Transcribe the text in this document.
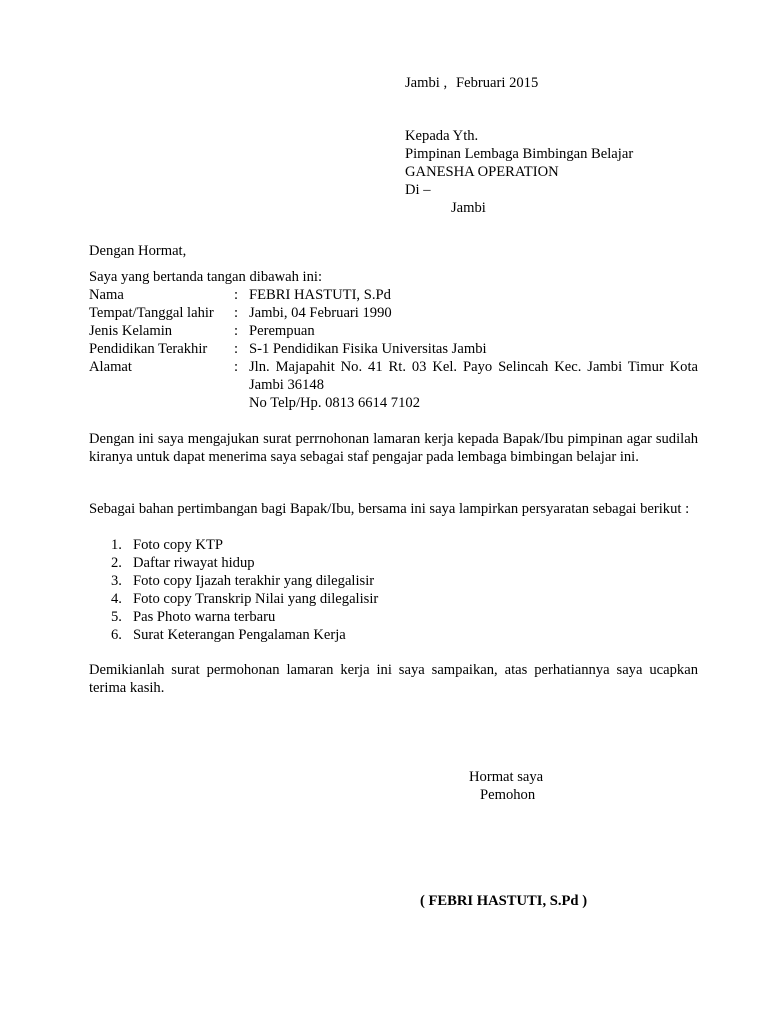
Jambi , Februari 2015
Kepada Yth.
Pimpinan Lembaga Bimbingan Belajar
GANESHA OPERATION
Di –
Jambi
Dengan Hormat,
Saya yang bertanda tangan dibawah ini:
Nama	: FEBRI HASTUTI, S.Pd
Tempat/Tanggal lahir : Jambi, 04 Februari 1990
Jenis Kelamin	: Perempuan
Pendidikan Terakhir : S-1 Pendidikan Fisika Universitas Jambi
Alamat	: Jln. Majapahit No. 41 Rt. 03 Kel. Payo Selincah Kec. Jambi Timur Kota Jambi 36148
No Telp/Hp. 0813 6614 7102
Dengan ini saya mengajukan surat perrnohonan lamaran kerja kepada Bapak/Ibu pimpinan agar sudilah kiranya untuk dapat menerima saya sebagai staf pengajar pada lembaga bimbingan belajar ini.
Sebagai bahan pertimbangan bagi Bapak/Ibu, bersama ini saya lampirkan persyaratan sebagai berikut :
1. Foto copy KTP
2. Daftar riwayat hidup
3. Foto copy Ijazah terakhir yang dilegalisir
4. Foto copy Transkrip Nilai yang dilegalisir
5. Pas Photo warna terbaru
6. Surat Keterangan Pengalaman Kerja
Demikianlah surat permohonan lamaran kerja ini saya sampaikan, atas perhatiannya saya ucapkan terima kasih.
Hormat saya
Pemohon
( FEBRI HASTUTI, S.Pd )
